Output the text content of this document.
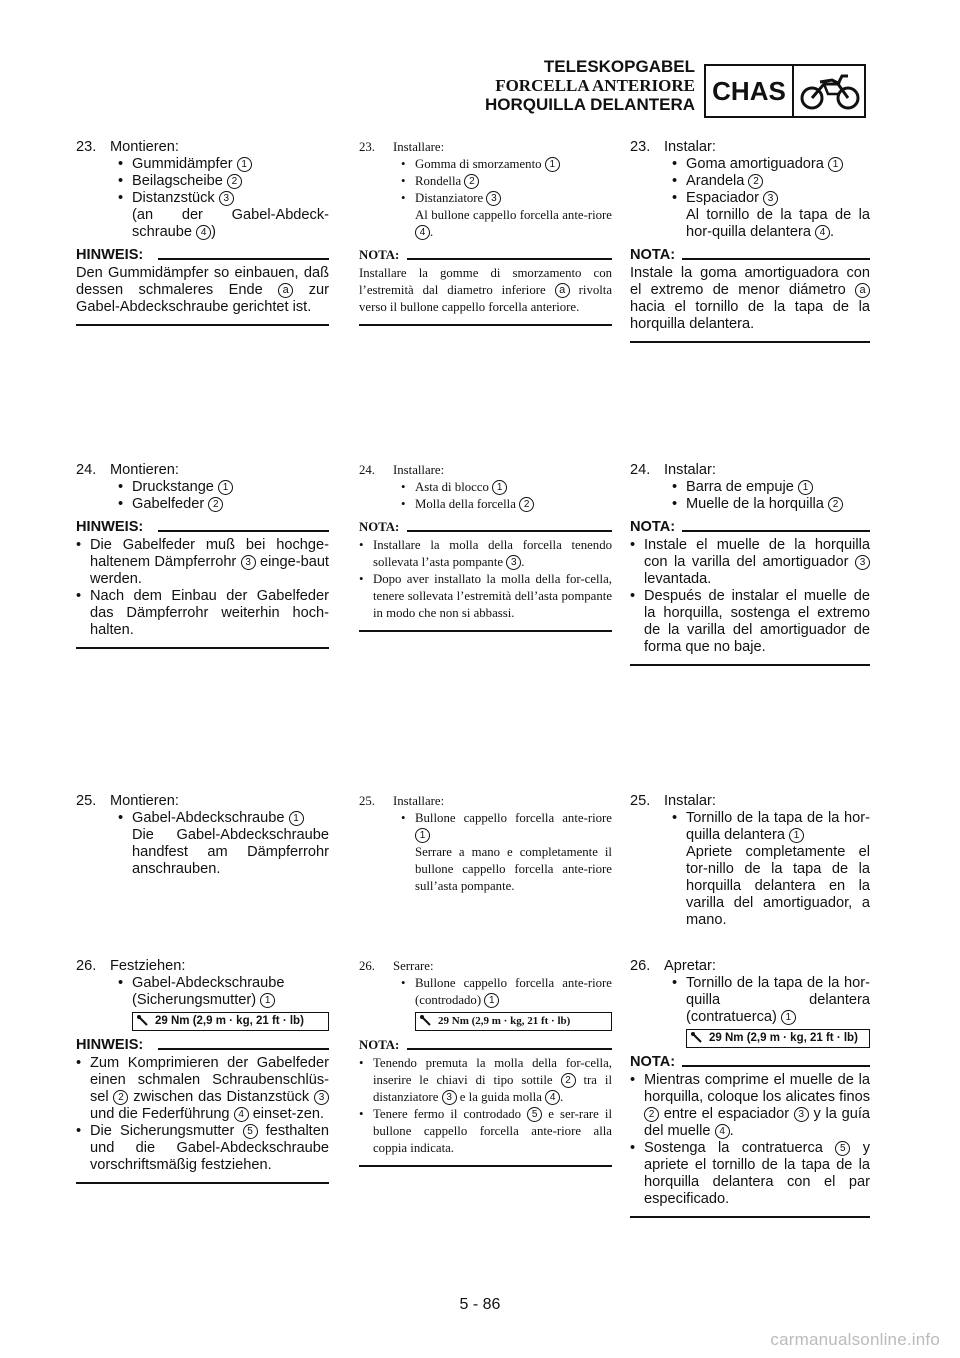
TELESKOPGABEL
FORCELLA ANTERIORE
HORQUILLA DELANTERA CHAS
23. Montieren:
• Gummidämpfer 1
• Beilagscheibe 2
• Distanzstück 3
(an der Gabel-Abdeck-
schraube 4 )
HINWEIS:
Den Gummidämpfer so einbauen, daß dessen schmaleres Ende a zur Gabel-Abdeckschraube gerichtet ist.
24. Montieren:
• Druckstange 1
• Gabelfeder 2
HINWEIS:
• Die Gabelfeder muß bei hochge-haltenem Dämpferrohr 3 einge-baut werden.
• Nach dem Einbau der Gabelfeder das Dämpferrohr weiterhin hoch-halten.
25. Montieren:
• Gabel-Abdeckschraube 1
Die Gabel-Abdeckschraube handfest am Dämpferrohr anschrauben.
26. Festziehen:
• Gabel-Abdeckschraube
(Sicherungsmutter) 1
29 Nm (2,9 m · kg, 21 ft · lb)
HINWEIS:
• Zum Komprimieren der Gabelfeder einen schmalen Schraubenschlüs-sel 2 zwischen das Distanzstück 3 und die Federführung 4 einset-zen.
• Die Sicherungsmutter 5 festhalten und die Gabel-Abdeckschraube vorschriftsmäßig festziehen.
23. Installare:
• Gomma di smorzamento 1
• Rondella 2
• Distanziatore 3
Al bullone cappello forcella ante-riore 4 .
NOTA:
Installare la gomme di smorzamento con l’estremità dal diametro inferiore a rivolta verso il bullone cappello forcella anteriore.
24. Installare:
• Asta di blocco 1
• Molla della forcella 2
NOTA:
• Installare la molla della forcella tenendo sollevata l’asta pompante 3 .
• Dopo aver installato la molla della for-cella, tenere sollevata l’estremità dell’asta pompante in modo che non si abbassi.
25. Installare:
• Bullone cappello forcella ante-riore 1
Serrare a mano e completamente il bullone cappello forcella ante-riore sull’asta pompante.
26. Serrare:
• Bullone cappello forcella ante-riore (controdado) 1
29 Nm (2,9 m · kg, 21 ft · lb)
NOTA:
• Tenendo premuta la molla della for-cella, inserire le chiavi di tipo sottile 2 tra il distanziatore 3 e la guida molla 4 .
• Tenere fermo il controdado 5 e ser-rare il bullone cappello forcella ante-riore alla coppia indicata.
23. Instalar:
• Goma amortiguadora 1
• Arandela 2
• Espaciador 3
Al tornillo de la tapa de la hor-quilla delantera 4 .
NOTA:
Instale la goma amortiguadora con el extremo de menor diámetro a hacia el tornillo de la tapa de la horquilla delantera.
24. Instalar:
• Barra de empuje 1
• Muelle de la horquilla 2
NOTA:
• Instale el muelle de la horquilla con la varilla del amortiguador 3 levantada.
• Después de instalar el muelle de la horquilla, sostenga el extremo de la varilla del amortiguador de forma que no baje.
25. Instalar:
• Tornillo de la tapa de la hor-quilla delantera 1
Apriete completamente el tor-nillo de la tapa de la horquilla delantera en la varilla del amortiguador, a mano.
26. Apretar:
• Tornillo de la tapa de la hor-quilla delantera (contratuerca) 1
29 Nm (2,9 m · kg, 21 ft · lb)
NOTA:
• Mientras comprime el muelle de la horquilla, coloque los alicates finos 2 entre el espaciador 3 y la guía del muelle 4 .
• Sostenga la contratuerca 5 y apriete el tornillo de la tapa de la horquilla delantera con el par especificado.
5 - 86
carmanualsonline.info
